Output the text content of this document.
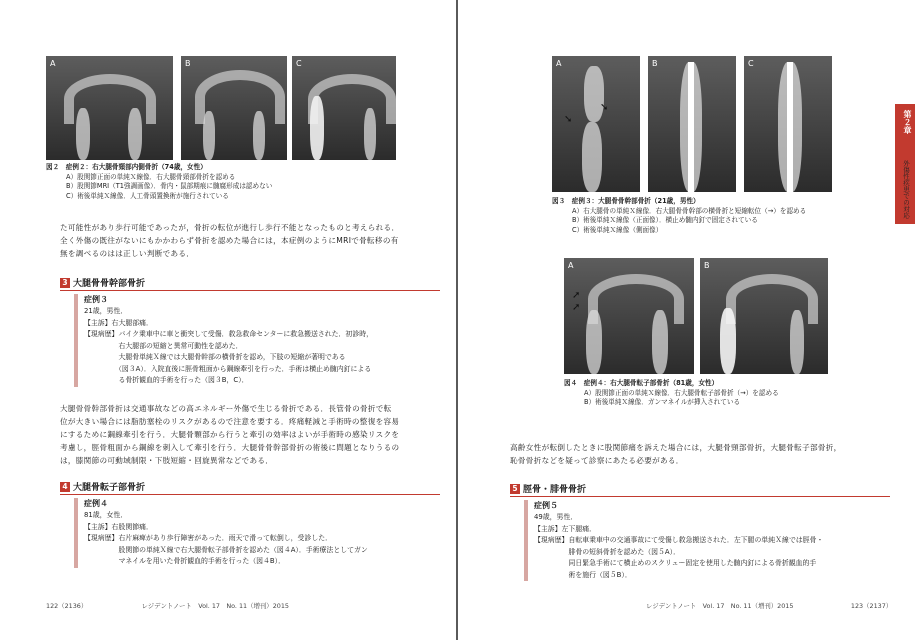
A	B	C
図２　症例２：右大腿骨頸部内側骨折（74歳，女性）
A）股関節正面の単純Ｘ線像．右大腿骨頸部骨折を認める
B）股関節MRI（T1強調画像）．骨内・鼠部期痕に髄腐形成は認めない
C）術後単純Ｘ線像．人工骨頭置換術が施行されている
た可能性があり歩行可能であったが，骨折の転位が進行し歩行不能となったものと考えられる．
全く外傷の既往がないにもかかわらず骨折を認めた場合には，本症例のようにMRIで骨転移の有
無を調べるのはは正しい判断である．
3 大腿骨骨幹部骨折
症例３
21歳，男性．
【主訴】右大腿部痛．
【現病歴】バイク乗車中に車と衝突して受傷．救急救命センターに救急搬送された．初診時，
　　　　　右大腿部の短縮と異常可動性を認めた．
　　　　　大腿骨単純Ｘ線では大腿骨幹部の横骨折を認め，下肢の短縮が著明である
　　　　　（図３A）．入院直後に脛骨粗面から鋼線牽引を行った．手術は横止め髄内釘による
　　　　　る骨折観血的手術を行った（図３B，C）．
大腿骨骨幹部骨折は交通事故などの高エネルギー外傷で生じる骨折である．長管骨の骨折で転
位が大きい場合には脂肪塞栓のリスクがあるので注意を要する．疼痛軽減と手術時の整復を容易
にするために鋼線牽引を行う．大腿骨顆部から行うと牽引の効率はよいが手術時の感染リスクを
考慮し，脛骨粗面から鋼線を刺入して牽引を行う．大腿骨骨幹部骨折の術後に問題となりうるの
は，膝関節の可動域制限・下肢短縮・回旋異常などである．
4 大腿骨転子部骨折
症例４
81歳，女性．
【主訴】右股関節痛．
【現病歴】右片麻痺があり歩行障害があった．雨天で滑って転倒し，受診した．
　　　　　股関節の単純Ｘ線で右大腿骨転子部骨折を認めた（図４A）．手術療法としてガン
　　　　　マネイルを用いた骨折観血的手術を行った（図４B）．
122（2136）　　　　　　　　　レジデントノート　Vol. 17　No. 11（増刊）2015
A
➘
➘
B	C
図３　症例３：大腿骨骨幹部骨折（21歳，男性）
A）右大腿骨の単純Ｘ線像．右大腿骨骨幹部の横骨折と短縮転位（→）を認める
B）術後単純Ｘ線像（正面像）．横止め髄内釘で固定されている
C）術後単純Ｘ線像（側面像）
A
➚
➚
B
図４　症例４：右大腿骨転子部骨折（81歳，女性）
A）股関節正面の単純Ｘ線像．右大腿骨転子部骨折（→）を認める
B）術後単純Ｘ線像．ガンマネイルが挿入されている
高齢女性が転倒したときに股関節痛を訴えた場合には，大腿骨頸部骨折，大腿骨転子部骨折，
恥骨骨折などを疑って診察にあたる必要がある．
5 脛骨・腓骨骨折
症例５
49歳，男性．
【主訴】左下腿痛．
【現病歴】自転車乗車中の交通事故にて受傷し救急搬送された．左下腿の単純Ｘ線では脛骨・
　　　　　腓骨の短斜骨折を認めた（図５A）．
　　　　　同日緊急手術にて横止めのスクリュー固定を使用した髄内釘による骨折観血的手
　　　　　術を施行（図５B）．
レジデントノート　Vol. 17　No. 11（増刊）2015　　　　　　　　　123（2137）
第２章
外傷性疾患での対応
